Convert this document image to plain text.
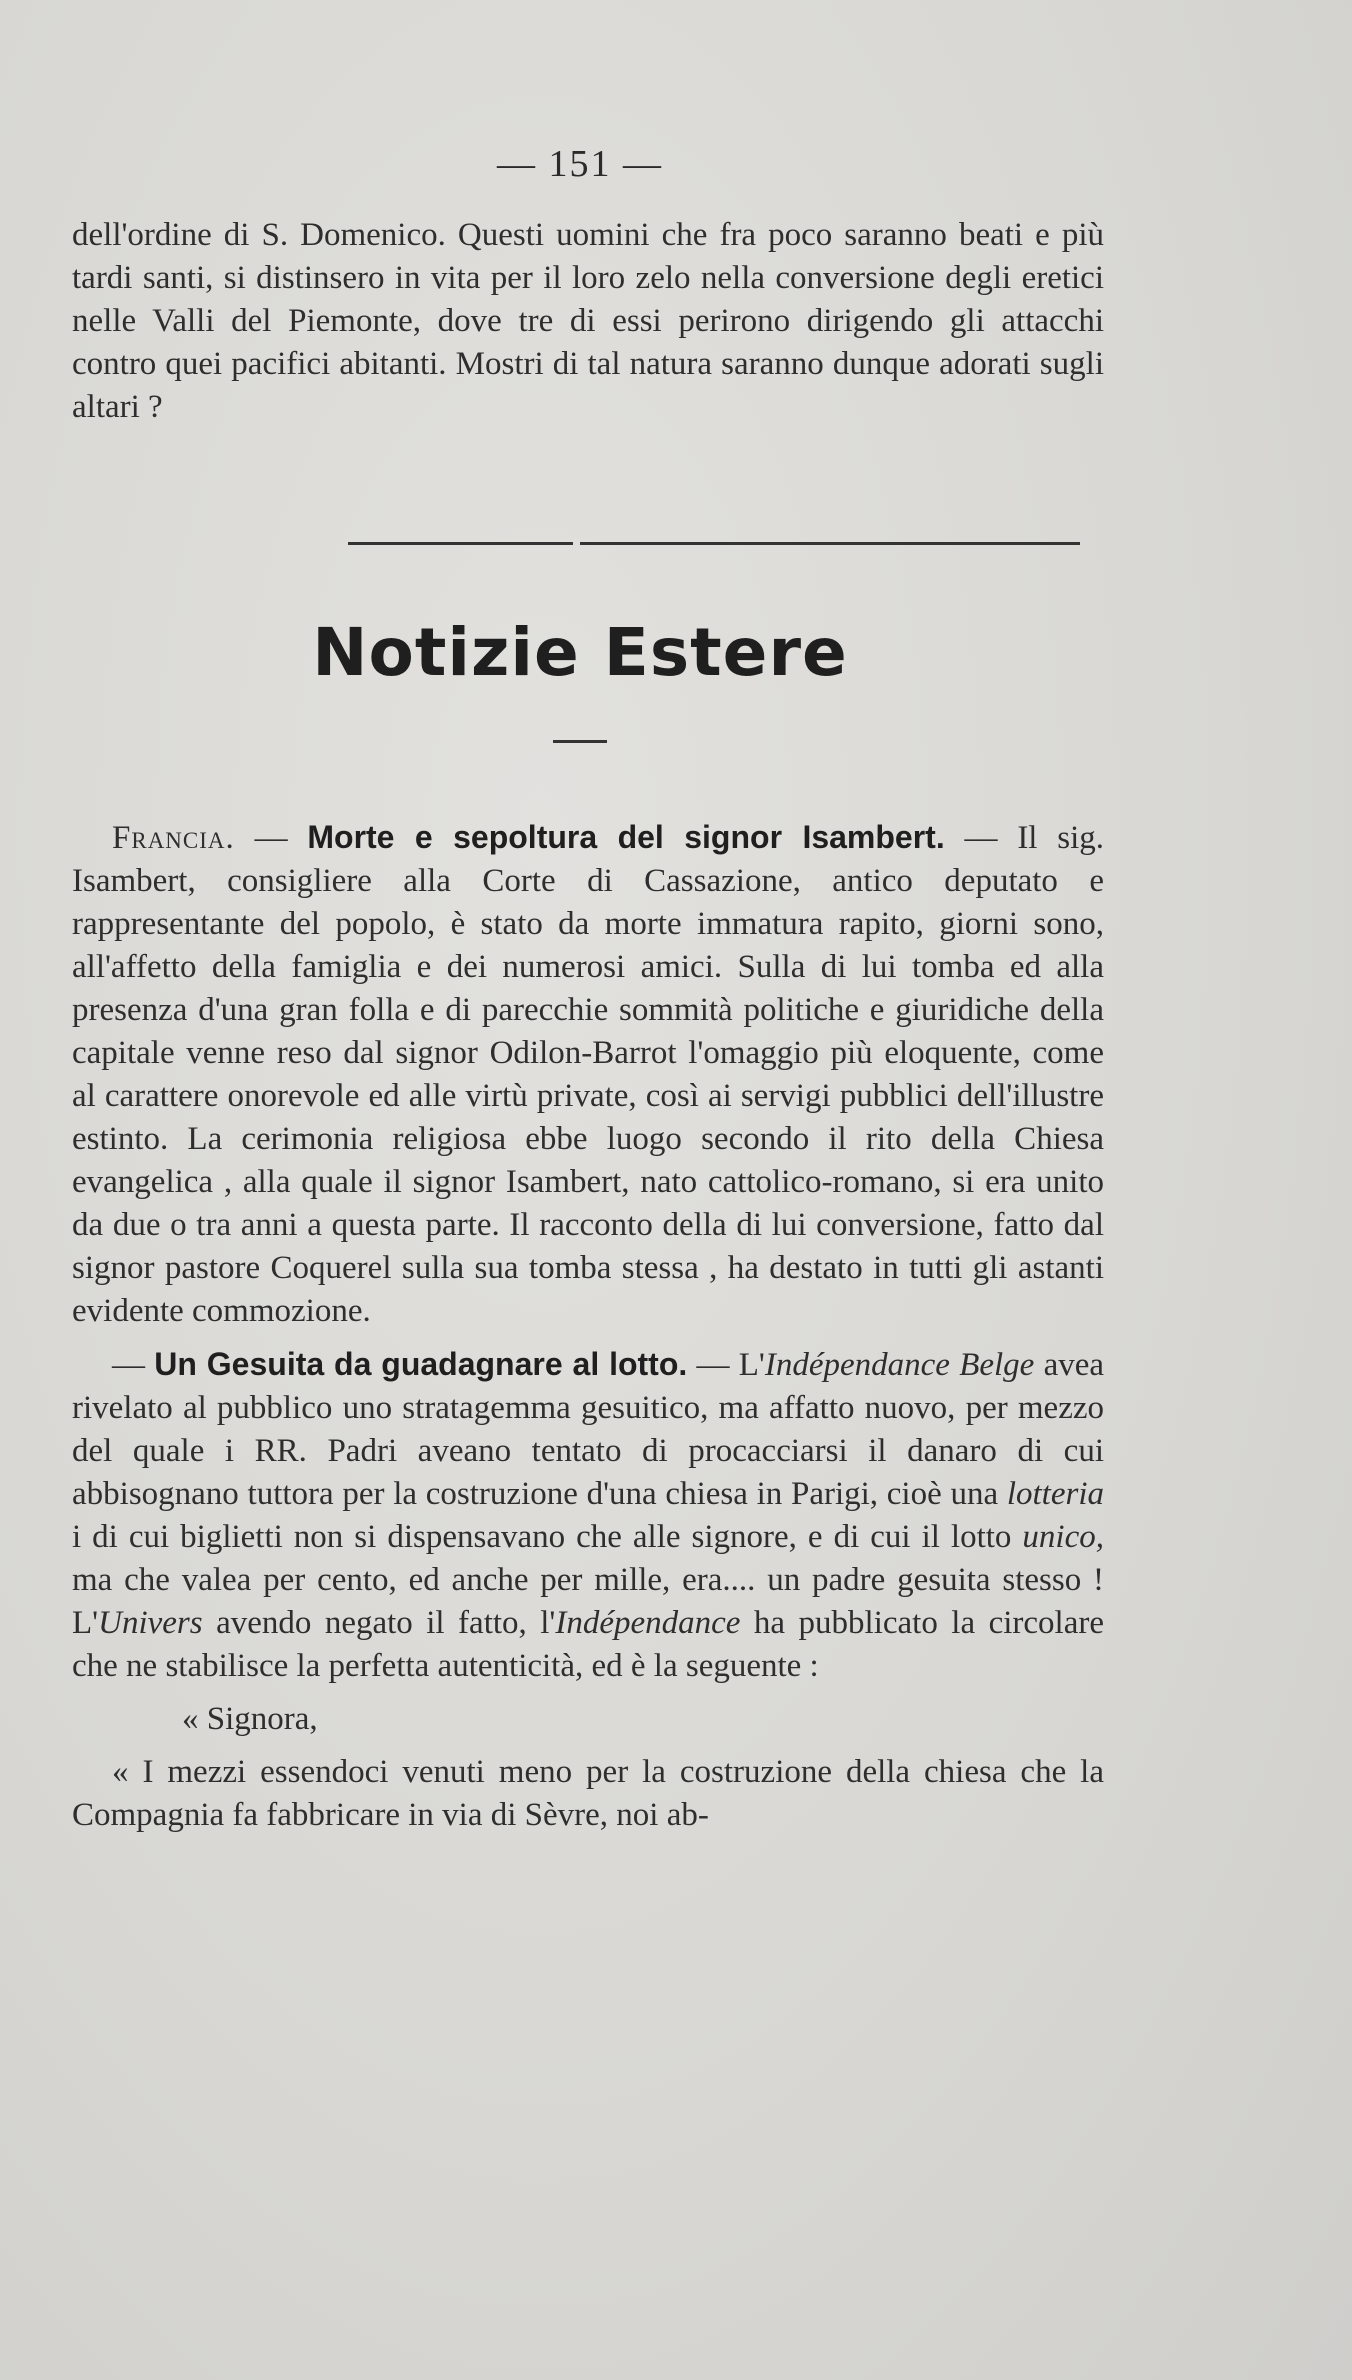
— 151 —

dell'ordine di S. Domenico. Questi uomini che fra poco saranno beati e più tardi santi, si distinsero in vita per il loro zelo nella conversione degli eretici nelle Valli del Piemonte, dove tre di essi perirono dirigendo gli attacchi contro quei pacifici abitanti. Mostri di tal natura saranno dunque adorati sugli altari ?

Notizie Estere

Francia. — Morte e sepoltura del signor Isambert. — Il sig. Isambert, consigliere alla Corte di Cassazione, antico deputato e rappresentante del popolo, è stato da morte immatura rapito, giorni sono, all'affetto della famiglia e dei numerosi amici. Sulla di lui tomba ed alla presenza d'una gran folla e di parecchie sommità politiche e giuridiche della capitale venne reso dal signor Odilon-Barrot l'omaggio più eloquente, come al carattere onorevole ed alle virtù private, così ai servigi pubblici dell'illustre estinto. La cerimonia religiosa ebbe luogo secondo il rito della Chiesa evangelica , alla quale il signor Isambert, nato cattolico-romano, si era unito da due o tra anni a questa parte. Il racconto della di lui conversione, fatto dal signor pastore Coquerel sulla sua tomba stessa , ha destato in tutti gli astanti evidente commozione.

— Un Gesuita da guadagnare al lotto. — L'Indépendance Belge avea rivelato al pubblico uno stratagemma gesuitico, ma affatto nuovo, per mezzo del quale i RR. Padri aveano tentato di procacciarsi il danaro di cui abbisognano tuttora per la costruzione d'una chiesa in Parigi, cioè una lotteria i di cui biglietti non si dispensavano che alle signore, e di cui il lotto unico, ma che valea per cento, ed anche per mille, era.... un padre gesuita stesso ! L'Univers avendo negato il fatto, l'Indépendance ha pubblicato la circolare che ne stabilisce la perfetta autenticità, ed è la seguente :

« Signora,

« I mezzi essendoci venuti meno per la costruzione della chiesa che la Compagnia fa fabbricare in via di Sèvre, noi ab-
